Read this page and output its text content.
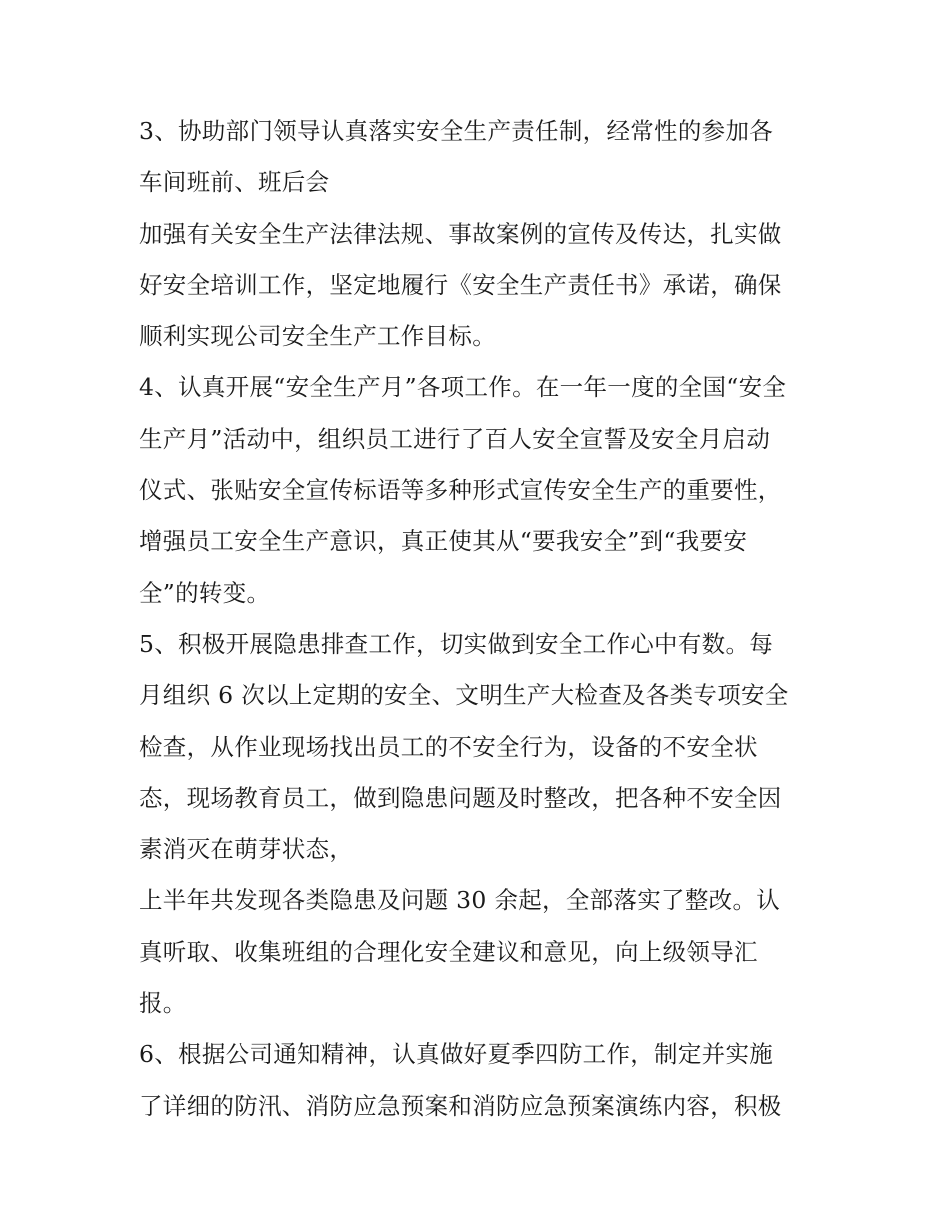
3、协助部门领导认真落实安全生产责任制，经常性的参加各
车间班前、班后会
加强有关安全生产法律法规、事故案例的宣传及传达，扎实做
好安全培训工作，坚定地履行《安全生产责任书》承诺，确保
顺利实现公司安全生产工作目标。
4、认真开展“安全生产月”各项工作。在一年一度的全国“安全
生产月”活动中，组织员工进行了百人安全宣誓及安全月启动
仪式、张贴安全宣传标语等多种形式宣传安全生产的重要性，
增强员工安全生产意识，真正使其从“要我安全”到“我要安
全”的转变。
5、积极开展隐患排查工作，切实做到安全工作心中有数。每
月组织 6 次以上定期的安全、文明生产大检查及各类专项安全
检查，从作业现场找出员工的不安全行为，设备的不安全状
态，现场教育员工，做到隐患问题及时整改，把各种不安全因
素消灭在萌芽状态，
上半年共发现各类隐患及问题 30 余起，全部落实了整改。认
真听取、收集班组的合理化安全建议和意见，向上级领导汇
报。
6、根据公司通知精神，认真做好夏季四防工作，制定并实施
了详细的防汛、消防应急预案和消防应急预案演练内容，积极
